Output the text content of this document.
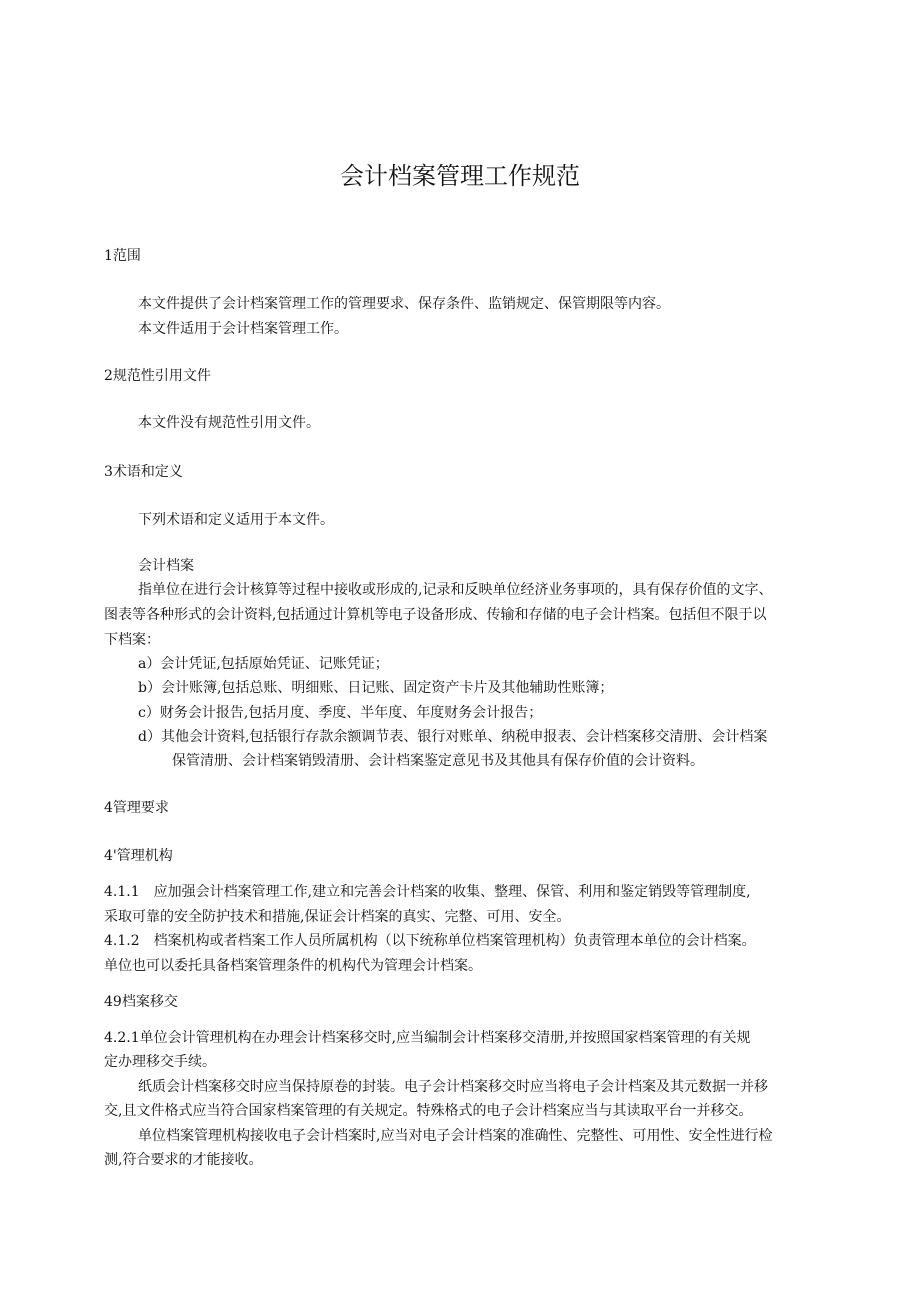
会计档案管理工作规范
1范围

本文件提供了会计档案管理工作的管理要求、保存条件、监销规定、保管期限等内容。

本文件适用于会计档案管理工作。

2规范性引用文件

本文件没有规范性引用文件。

3术语和定义

下列术语和定义适用于本文件。

会计档案

指单位在进行会计核算等过程中接收或形成的,记录和反映单位经济业务事项的，具有保存价值的文字、

图表等各种形式的会计资料,包括通过计算机等电子设备形成、传输和存储的电子会计档案。包括但不限于以

下档案：

a）会计凭证,包括原始凭证、记账凭证；

b）会计账簿,包括总账、明细账、日记账、固定资产卡片及其他辅助性账簿；

c）财务会计报告,包括月度、季度、半年度、年度财务会计报告；

d）其他会计资料,包括银行存款余额调节表、银行对账单、纳税申报表、会计档案移交清册、会计档案

保管清册、会计档案销毁清册、会计档案鉴定意见书及其他具有保存价值的会计资料。

4管理要求
4'管理机构

4.1.1　应加强会计档案管理工作,建立和完善会计档案的收集、整理、保管、利用和鉴定销毁等管理制度,

采取可靠的安全防护技术和措施,保证会计档案的真实、完整、可用、安全。

4.1.2　档案机构或者档案工作人员所属机构（以下统称单位档案管理机构）负责管理本单位的会计档案。

单位也可以委托具备档案管理条件的机构代为管理会计档案。

49档案移交

4.2.1单位会计管理机构在办理会计档案移交时,应当编制会计档案移交清册,并按照国家档案管理的有关规

定办理移交手续。

纸质会计档案移交时应当保持原卷的封装。电子会计档案移交时应当将电子会计档案及其元数据一并移

交,且文件格式应当符合国家档案管理的有关规定。特殊格式的电子会计档案应当与其读取平台一并移交。

单位档案管理机构接收电子会计档案时,应当对电子会计档案的准确性、完整性、可用性、安全性进行检

测,符合要求的才能接收。
